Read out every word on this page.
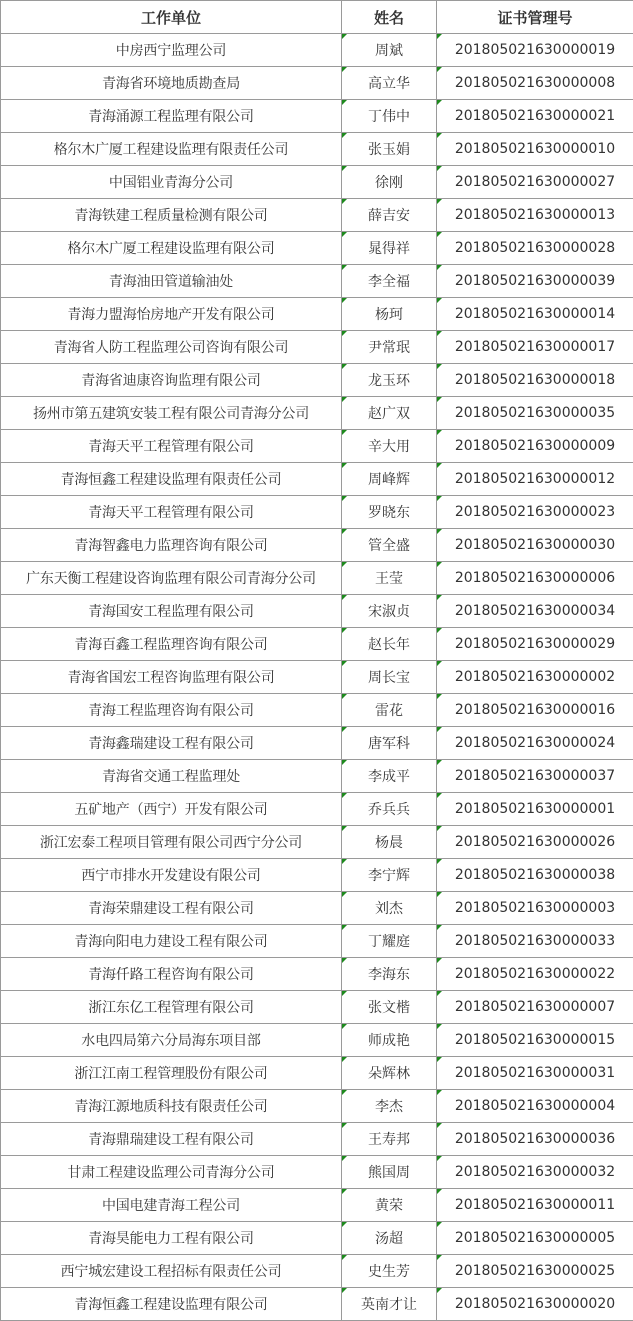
工作单位	姓名	证书管理号
中房西宁监理公司	周斌	201805021630000019
青海省环境地质勘查局	高立华	201805021630000008
青海涌源工程监理有限公司	丁伟中	201805021630000021
格尔木广厦工程建设监理有限责任公司	张玉娟	201805021630000010
中国铝业青海分公司	徐刚	201805021630000027
青海铁建工程质量检测有限公司	薛吉安	201805021630000013
格尔木广厦工程建设监理有限公司	晁得祥	201805021630000028
青海油田管道输油处	李全福	201805021630000039
青海力盟海怡房地产开发有限公司	杨珂	201805021630000014
青海省人防工程监理公司咨询有限公司	尹常珉	201805021630000017
青海省迪康咨询监理有限公司	龙玉环	201805021630000018
扬州市第五建筑安装工程有限公司青海分公司	赵广双	201805021630000035
青海天平工程管理有限公司	辛大用	201805021630000009
青海恒鑫工程建设监理有限责任公司	周峰辉	201805021630000012
青海天平工程管理有限公司	罗晓东	201805021630000023
青海智鑫电力监理咨询有限公司	管全盛	201805021630000030
广东天衡工程建设咨询监理有限公司青海分公司	王莹	201805021630000006
青海国安工程监理有限公司	宋淑贞	201805021630000034
青海百鑫工程监理咨询有限公司	赵长年	201805021630000029
青海省国宏工程咨询监理有限公司	周长宝	201805021630000002
青海工程监理咨询有限公司	雷花	201805021630000016
青海鑫瑞建设工程有限公司	唐军科	201805021630000024
青海省交通工程监理处	李成平	201805021630000037
五矿地产（西宁）开发有限公司	乔兵兵	201805021630000001
浙江宏泰工程项目管理有限公司西宁分公司	杨晨	201805021630000026
西宁市排水开发建设有限公司	李宁辉	201805021630000038
青海荣鼎建设工程有限公司	刘杰	201805021630000003
青海向阳电力建设工程有限公司	丁耀庭	201805021630000033
青海仟路工程咨询有限公司	李海东	201805021630000022
浙江东亿工程管理有限公司	张文楷	201805021630000007
水电四局第六分局海东项目部	师成艳	201805021630000015
浙江江南工程管理股份有限公司	朵辉林	201805021630000031
青海江源地质科技有限责任公司	李杰	201805021630000004
青海鼎瑞建设工程有限公司	王寿邦	201805021630000036
甘肃工程建设监理公司青海分公司	熊国周	201805021630000032
中国电建青海工程公司	黄荣	201805021630000011
青海昊能电力工程有限公司	汤超	201805021630000005
西宁城宏建设工程招标有限责任公司	史生芳	201805021630000025
青海恒鑫工程建设监理有限公司	英南才让	201805021630000020
